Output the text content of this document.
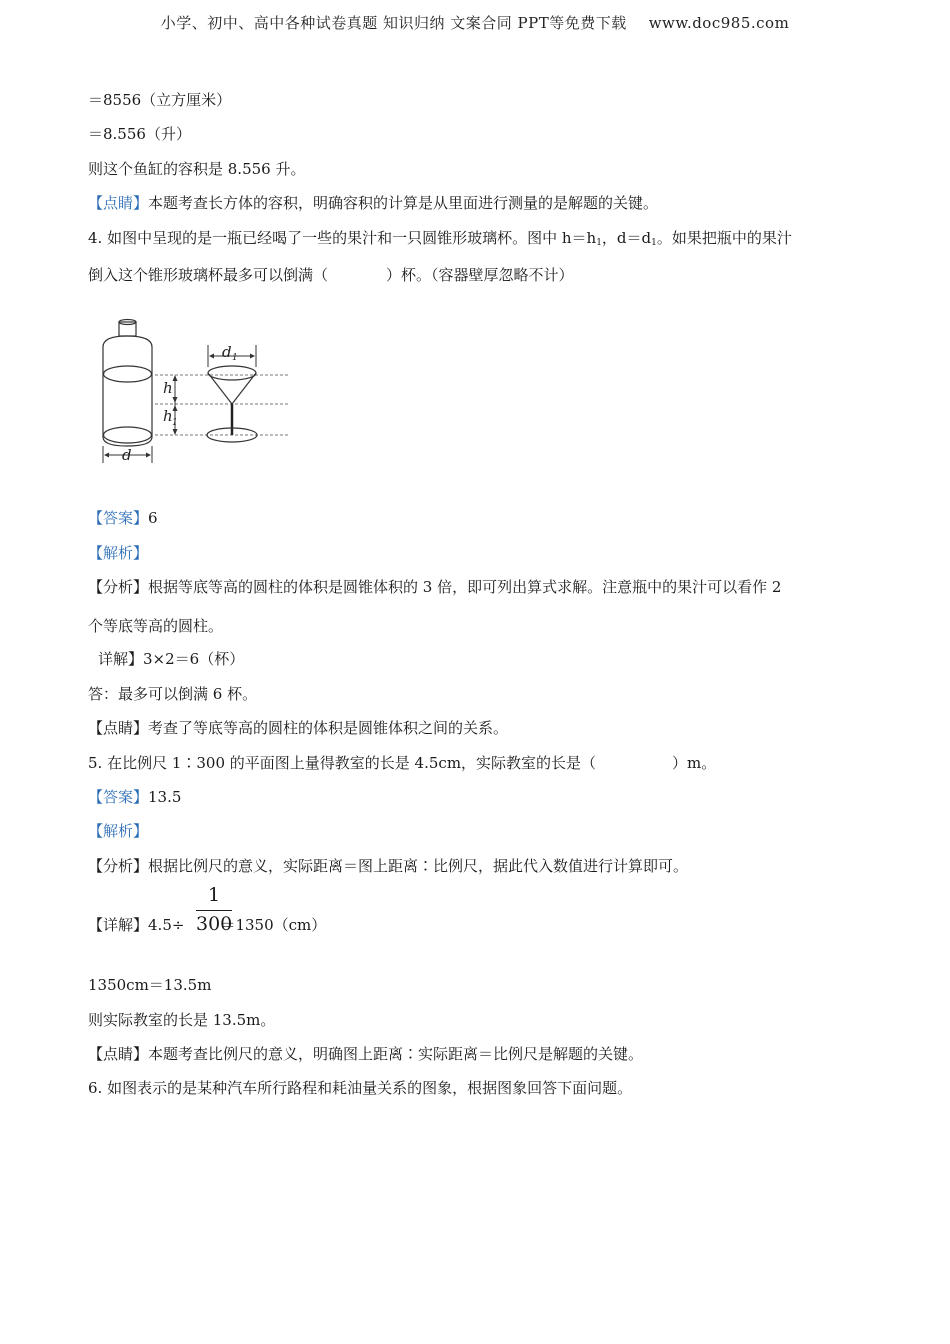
小学、初中、高中各种试卷真题 知识归纳 文案合同 PPT等免费下载 www.doc985.com
＝8556（立方厘米）
＝8.556（升）
则这个鱼缸的容积是 8.556 升。
【点睛】本题考查长方体的容积，明确容积的计算是从里面进行测量的是解题的关键。
4. 如图中呈现的是一瓶已经喝了一些的果汁和一只圆锥形玻璃杯。图中 $h=h_1$，$d=d_1$。如果把瓶中的果汁
倒入这个锥形玻璃杯最多可以倒满（	）杯。（容器壁厚忽略不计）
d 1
h
h 1
d
【答案】6
【解析】
【分析】根据等底等高的圆柱的体积是圆锥体积的 3 倍，即可列出算式求解。注意瓶中的果汁可以看作 2
个等底等高的圆柱。
详解】3×2＝6（杯）
答：最多可以倒满 6 杯。
【点睛】考查了等底等高的圆柱的体积是圆锥体积之间的关系。
5. 在比例尺 1∶300 的平面图上量得教室的长是 4.5cm，实际教室的长是（	）m。
【答案】13.5
【解析】
【分析】根据比例尺的意义，实际距离＝图上距离∶比例尺，据此代入数值进行计算即可。
【详解】4.5÷ ＝1350（cm）
$\frac{1}{300}$
1350cm＝13.5m
则实际教室的长是 13.5m。
【点睛】本题考查比例尺的意义，明确图上距离∶实际距离＝比例尺是解题的关键。
6. 如图表示的是某种汽车所行路程和耗油量关系的图象，根据图象回答下面问题。
